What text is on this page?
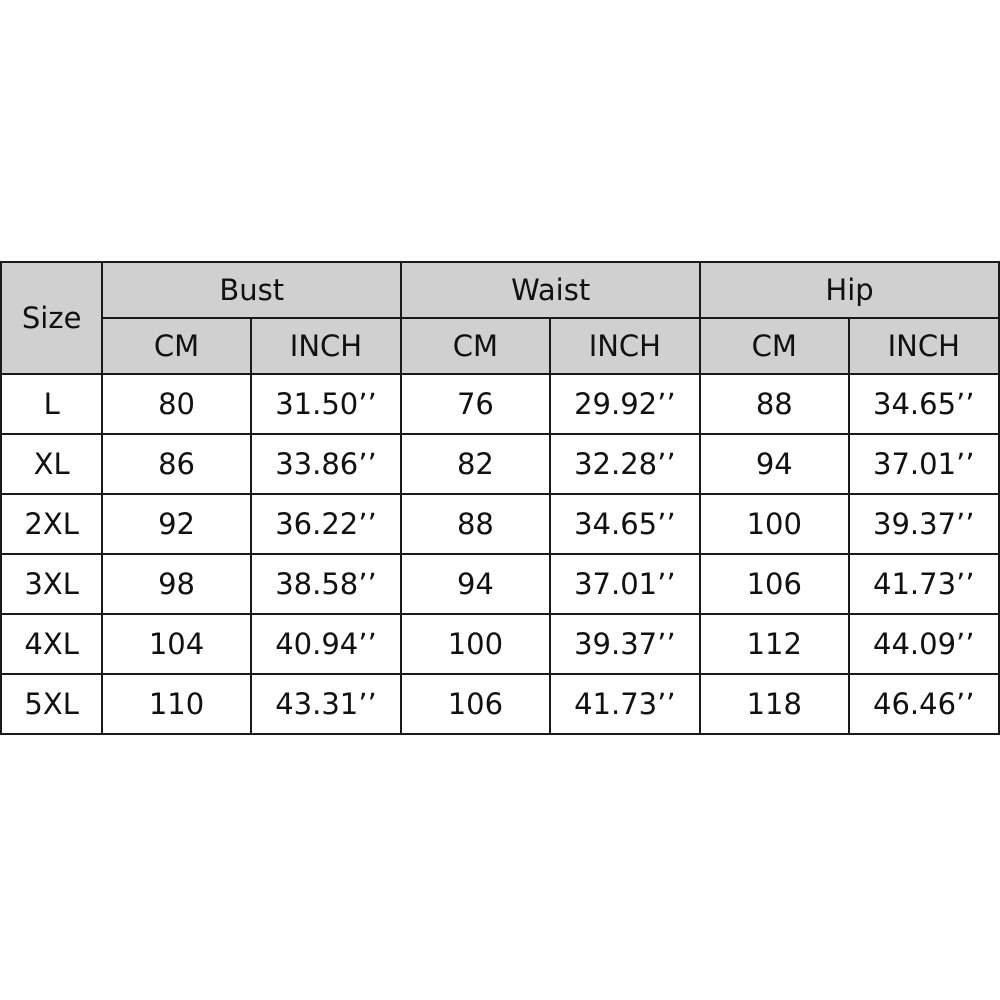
Size	Bust		Waist		Hip	
	CM	INCH	CM	INCH	CM	INCH
L	80	31.50’’	76	29.92’’	88	34.65’’
XL	86	33.86’’	82	32.28’’	94	37.01’’
2XL	92	36.22’’	88	34.65’’	100	39.37’’
3XL	98	38.58’’	94	37.01’’	106	41.73’’
4XL	104	40.94’’	100	39.37’’	112	44.09’’
5XL	110	43.31’’	106	41.73’’	118	46.46’’
